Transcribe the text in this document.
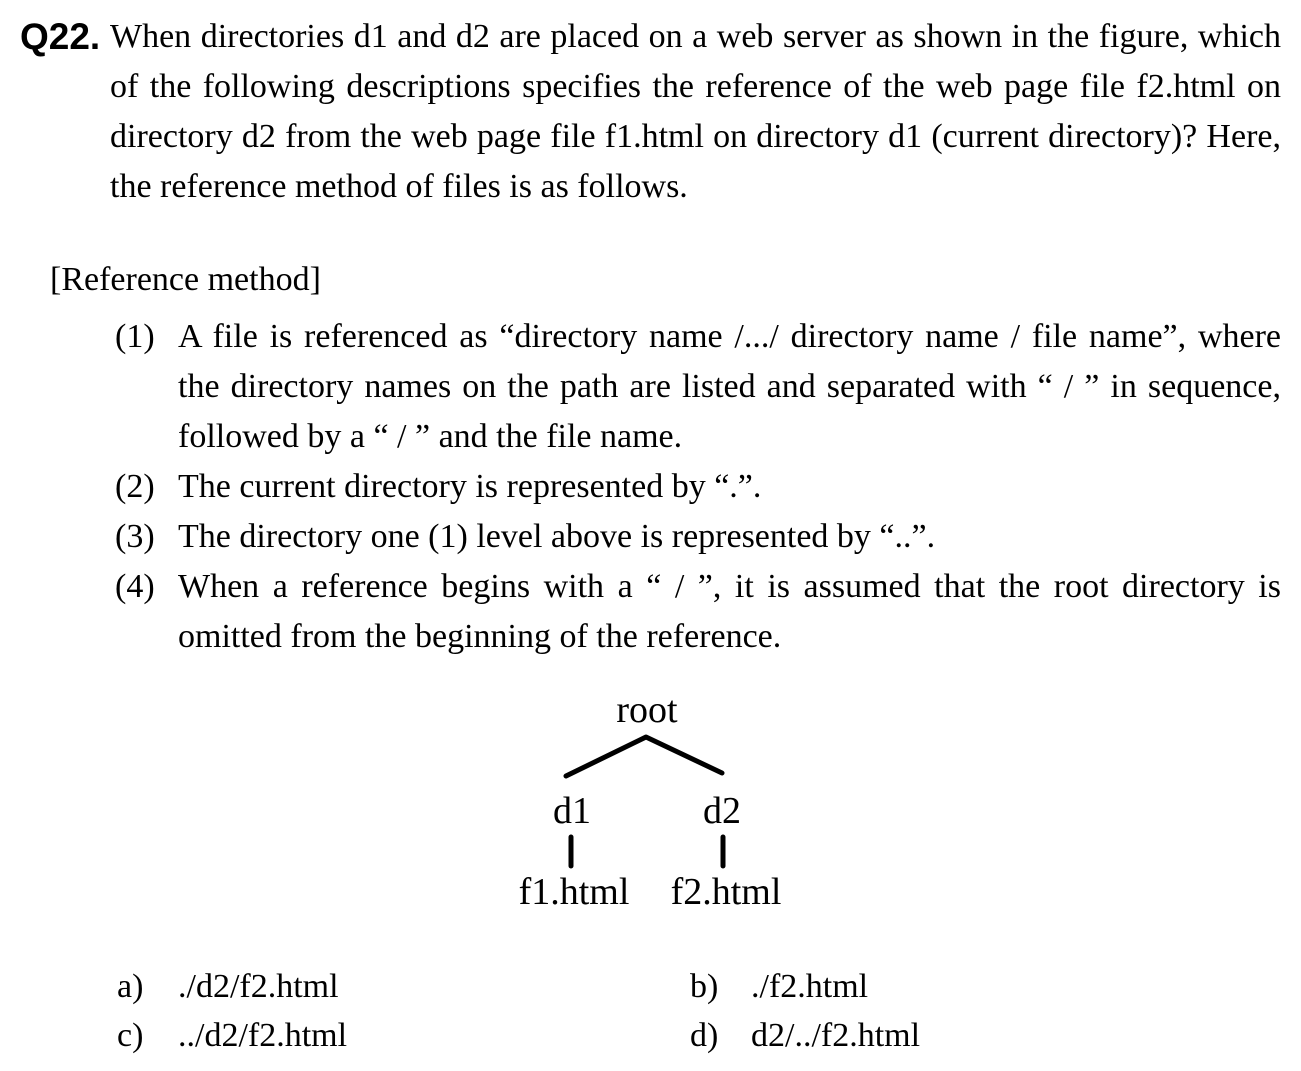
Q22. When directories d1 and d2 are placed on a web server as shown in the figure, which of the following descriptions specifies the reference of the web page file f2.html on directory d2 from the web page file f1.html on directory d1 (current directory)? Here, the reference method of files is as follows.
[Reference method]
(1) A file is referenced as “directory name /.../ directory name / file name”, where the directory names on the path are listed and separated with “ / ” in sequence, followed by a “ / ” and the file name.
(2) The current directory is represented by “.”.
(3) The directory one (1) level above is represented by “..”.
(4) When a reference begins with a “ / ”, it is assumed that the root directory is omitted from the beginning of the reference.
root
d1	d2
f1.html f2.html
a)	./d2/f2.html	b) ./f2.html
c)	../d2/f2.html	d) d2/../f2.html
